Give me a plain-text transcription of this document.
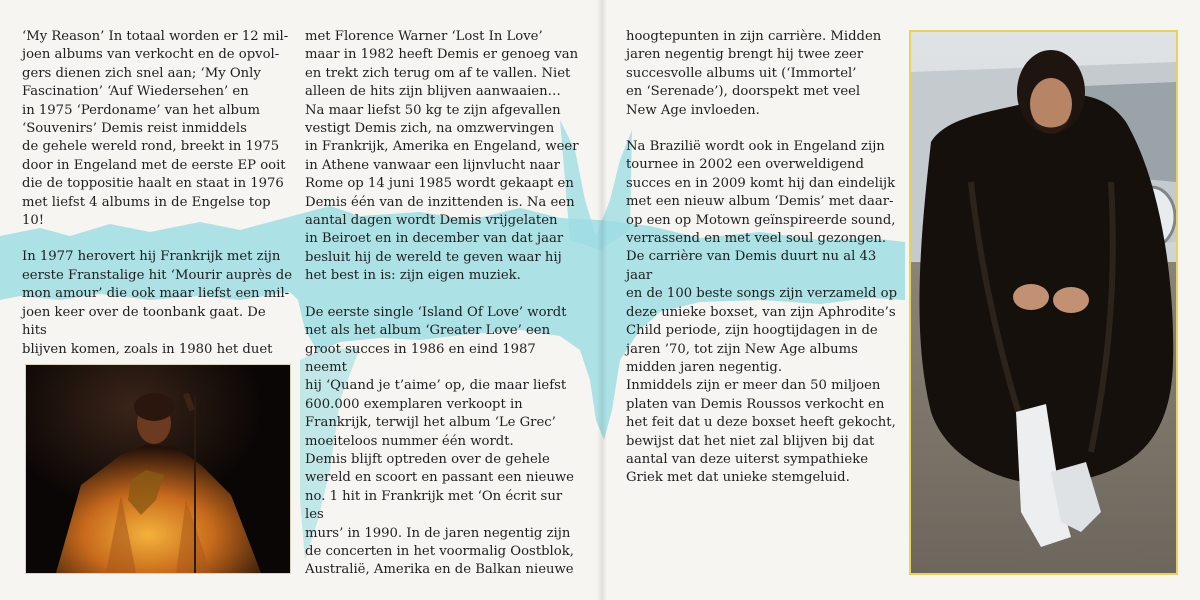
‘My Reason’ In totaal worden er 12 mil-
joen albums van verkocht en de opvol-
gers dienen zich snel aan; ‘My Only
Fascination’ ‘Auf Wiedersehen’ en
in 1975 ‘Perdoname’ van het album
‘Souvenirs’ Demis reist inmiddels
de gehele wereld rond, breekt in 1975
door in Engeland met de eerste EP ooit
die de toppositie haalt en staat in 1976
met liefst 4 albums in de Engelse top 10!

In 1977 herovert hij Frankrijk met zijn
eerste Franstalige hit ‘Mourir auprès de
mon amour’ die ook maar liefst een mil-
joen keer over de toonbank gaat. De hits
blijven komen, zoals in 1980 het duet

met Florence Warner ‘Lost In Love’
maar in 1982 heeft Demis er genoeg van
en trekt zich terug om af te vallen. Niet
alleen de hits zijn blijven aanwaaien…
Na maar liefst 50 kg te zijn afgevallen
vestigt Demis zich, na omzwervingen
in Frankrijk, Amerika en Engeland, weer
in Athene vanwaar een lijnvlucht naar
Rome op 14 juni 1985 wordt gekaapt en
Demis één van de inzittenden is. Na een
aantal dagen wordt Demis vrijgelaten
in Beiroet en in december van dat jaar
besluit hij de wereld te geven waar hij
het best in is: zijn eigen muziek.

De eerste single ‘Island Of Love’ wordt
net als het album ‘Greater Love’ een
groot succes in 1986 en eind 1987 neemt
hij ‘Quand je t’aime’ op, die maar liefst
600.000 exemplaren verkoopt in
Frankrijk, terwijl het album ‘Le Grec’
moeiteloos nummer één wordt.
Demis blijft optreden over de gehele
wereld en scoort en passant een nieuwe
no. 1 hit in Frankrijk met ‘On écrit sur les
murs’ in 1990. In de jaren negentig zijn
de concerten in het voormalig Oostblok,
Australië, Amerika en de Balkan nieuwe

hoogtepunten in zijn carrière. Midden
jaren negentig brengt hij twee zeer
succesvolle albums uit (‘Immortel’
en ‘Serenade’), doorspekt met veel
New Age invloeden.

Na Brazilië wordt ook in Engeland zijn
tournee in 2002 een overweldigend
succes en in 2009 komt hij dan eindelijk
met een nieuw album ‘Demis’ met daar-
op een op Motown geïnspireerde sound,
verrassend en met veel soul gezongen.
De carrière van Demis duurt nu al 43 jaar
en de 100 beste songs zijn verzameld op
deze unieke boxset, van zijn Aphrodite’s
Child periode, zijn hoogtijdagen in de
jaren ’70, tot zijn New Age albums
midden jaren negentig.
Inmiddels zijn er meer dan 50 miljoen
platen van Demis Roussos verkocht en
het feit dat u deze boxset heeft gekocht,
bewijst dat het niet zal blijven bij dat
aantal van deze uiterst sympathieke
Griek met dat unieke stemgeluid.
